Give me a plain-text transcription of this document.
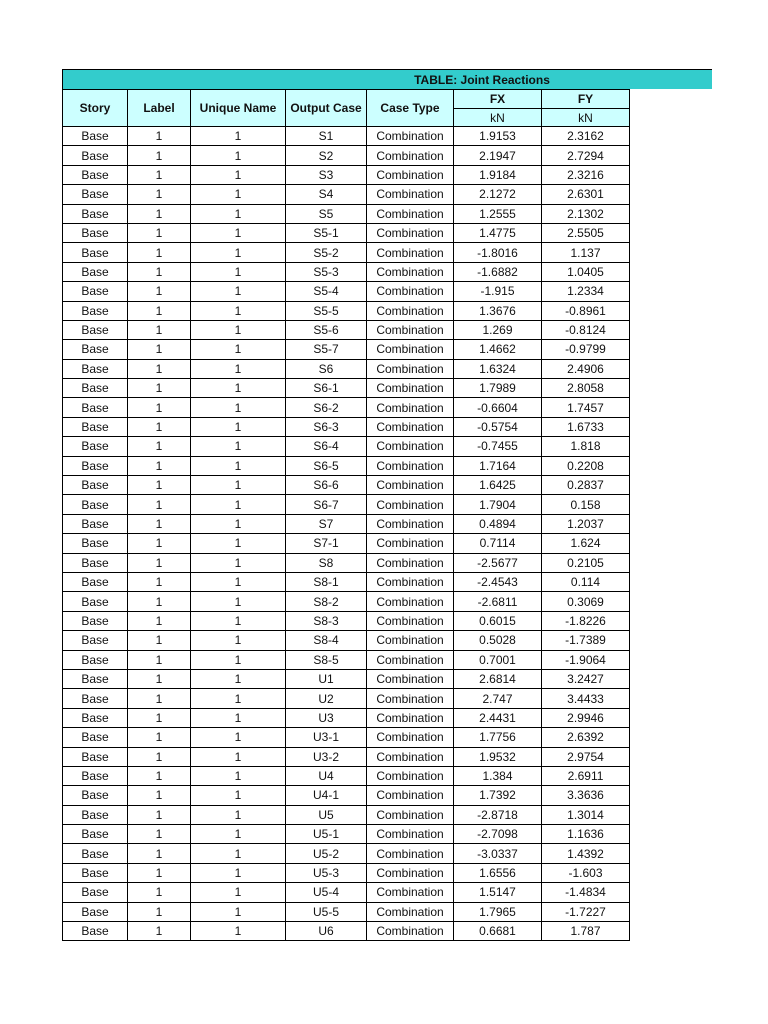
TABLE: Joint Reactions
Story	Label	Unique Name	Output Case	Case Type	FX	FY
					kN	kN
Base	1	1	S1	Combination	1.9153	2.3162
Base	1	1	S2	Combination	2.1947	2.7294
Base	1	1	S3	Combination	1.9184	2.3216
Base	1	1	S4	Combination	2.1272	2.6301
Base	1	1	S5	Combination	1.2555	2.1302
Base	1	1	S5-1	Combination	1.4775	2.5505
Base	1	1	S5-2	Combination	-1.8016	1.137
Base	1	1	S5-3	Combination	-1.6882	1.0405
Base	1	1	S5-4	Combination	-1.915	1.2334
Base	1	1	S5-5	Combination	1.3676	-0.8961
Base	1	1	S5-6	Combination	1.269	-0.8124
Base	1	1	S5-7	Combination	1.4662	-0.9799
Base	1	1	S6	Combination	1.6324	2.4906
Base	1	1	S6-1	Combination	1.7989	2.8058
Base	1	1	S6-2	Combination	-0.6604	1.7457
Base	1	1	S6-3	Combination	-0.5754	1.6733
Base	1	1	S6-4	Combination	-0.7455	1.818
Base	1	1	S6-5	Combination	1.7164	0.2208
Base	1	1	S6-6	Combination	1.6425	0.2837
Base	1	1	S6-7	Combination	1.7904	0.158
Base	1	1	S7	Combination	0.4894	1.2037
Base	1	1	S7-1	Combination	0.7114	1.624
Base	1	1	S8	Combination	-2.5677	0.2105
Base	1	1	S8-1	Combination	-2.4543	0.114
Base	1	1	S8-2	Combination	-2.6811	0.3069
Base	1	1	S8-3	Combination	0.6015	-1.8226
Base	1	1	S8-4	Combination	0.5028	-1.7389
Base	1	1	S8-5	Combination	0.7001	-1.9064
Base	1	1	U1	Combination	2.6814	3.2427
Base	1	1	U2	Combination	2.747	3.4433
Base	1	1	U3	Combination	2.4431	2.9946
Base	1	1	U3-1	Combination	1.7756	2.6392
Base	1	1	U3-2	Combination	1.9532	2.9754
Base	1	1	U4	Combination	1.384	2.6911
Base	1	1	U4-1	Combination	1.7392	3.3636
Base	1	1	U5	Combination	-2.8718	1.3014
Base	1	1	U5-1	Combination	-2.7098	1.1636
Base	1	1	U5-2	Combination	-3.0337	1.4392
Base	1	1	U5-3	Combination	1.6556	-1.603
Base	1	1	U5-4	Combination	1.5147	-1.4834
Base	1	1	U5-5	Combination	1.7965	-1.7227
Base	1	1	U6	Combination	0.6681	1.787
